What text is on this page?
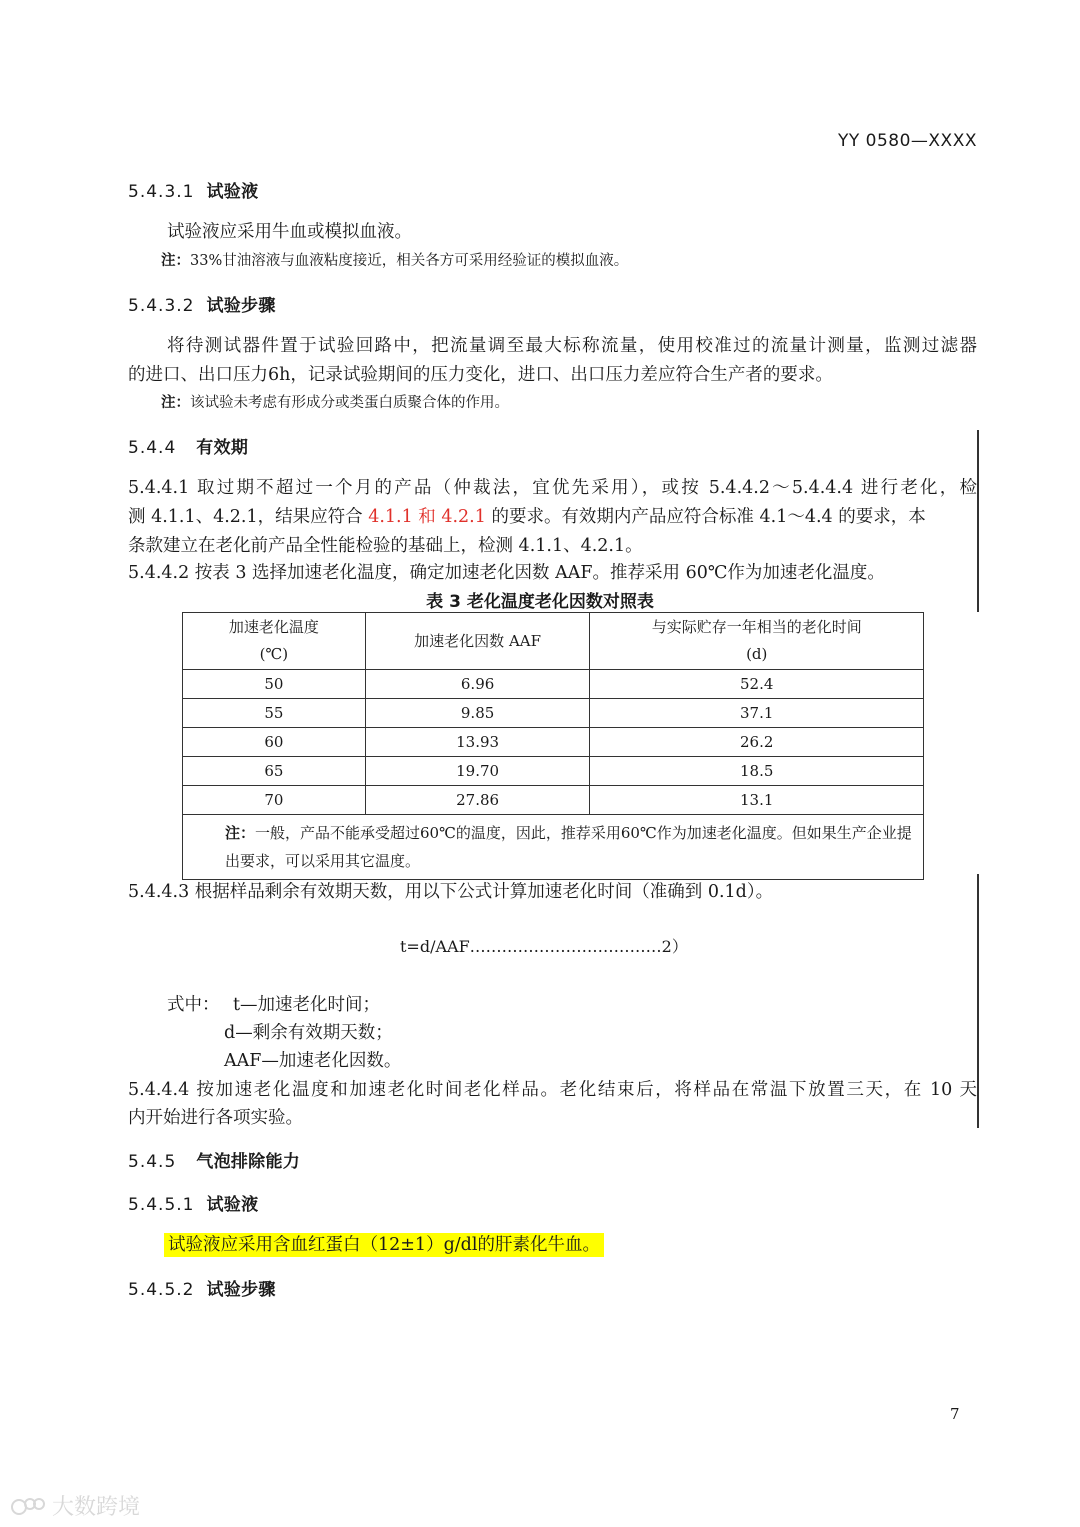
YY 0580—XXXX
5.4.3.1 试验液
试验液应采用牛血或模拟血液。
注：33%甘油溶液与血液粘度接近，相关各方可采用经验证的模拟血液。
5.4.3.2 试验步骤
将待测试器件置于试验回路中，把流量调至最大标称流量，使用校准过的流量计测量，监测过滤器
的进口、出口压力6h，记录试验期间的压力变化，进口、出口压力差应符合生产者的要求。
注：该试验未考虑有形成分或类蛋白质聚合体的作用。
5.4.4 有效期
5.4.4.1 取过期不超过一个月的产品（仲裁法，宜优先采用），或按 5.4.4.2～5.4.4.4 进行老化，检
测 4.1.1、4.2.1，结果应符合 4.1.1 和 4.2.1 的要求。有效期内产品应符合标准 4.1～4.4 的要求，本
条款建立在老化前产品全性能检验的基础上，检测 4.1.1、4.2.1。
5.4.4.2 按表 3 选择加速老化温度，确定加速老化因数 AAF。推荐采用 60℃作为加速老化温度。
表 3 老化温度老化因数对照表
加速老化温度
(℃)	加速老化因数 AAF	与实际贮存一年相当的老化时间
(d)
50	6.96	52.4
55	9.85	37.1
60	13.93	26.2
65	19.70	18.5
70	27.86	13.1
注：一般，产品不能承受超过60℃的温度，因此，推荐采用60℃作为加速老化温度。但如果生产企业提出要求，可以采用其它温度。		
5.4.4.3 根据样品剩余有效期天数，用以下公式计算加速老化时间（准确到 0.1d）。
t=d/AAF………………………………2）
式中： t—加速老化时间；
d—剩余有效期天数；
AAF—加速老化因数。
5.4.4.4 按加速老化温度和加速老化时间老化样品。老化结束后，将样品在常温下放置三天，在 10 天
内开始进行各项实验。
5.4.5 气泡排除能力
5.4.5.1 试验液
试验液应采用含血红蛋白（12±1）g/dl的肝素化牛血。
5.4.5.2 试验步骤
7
大数跨境
